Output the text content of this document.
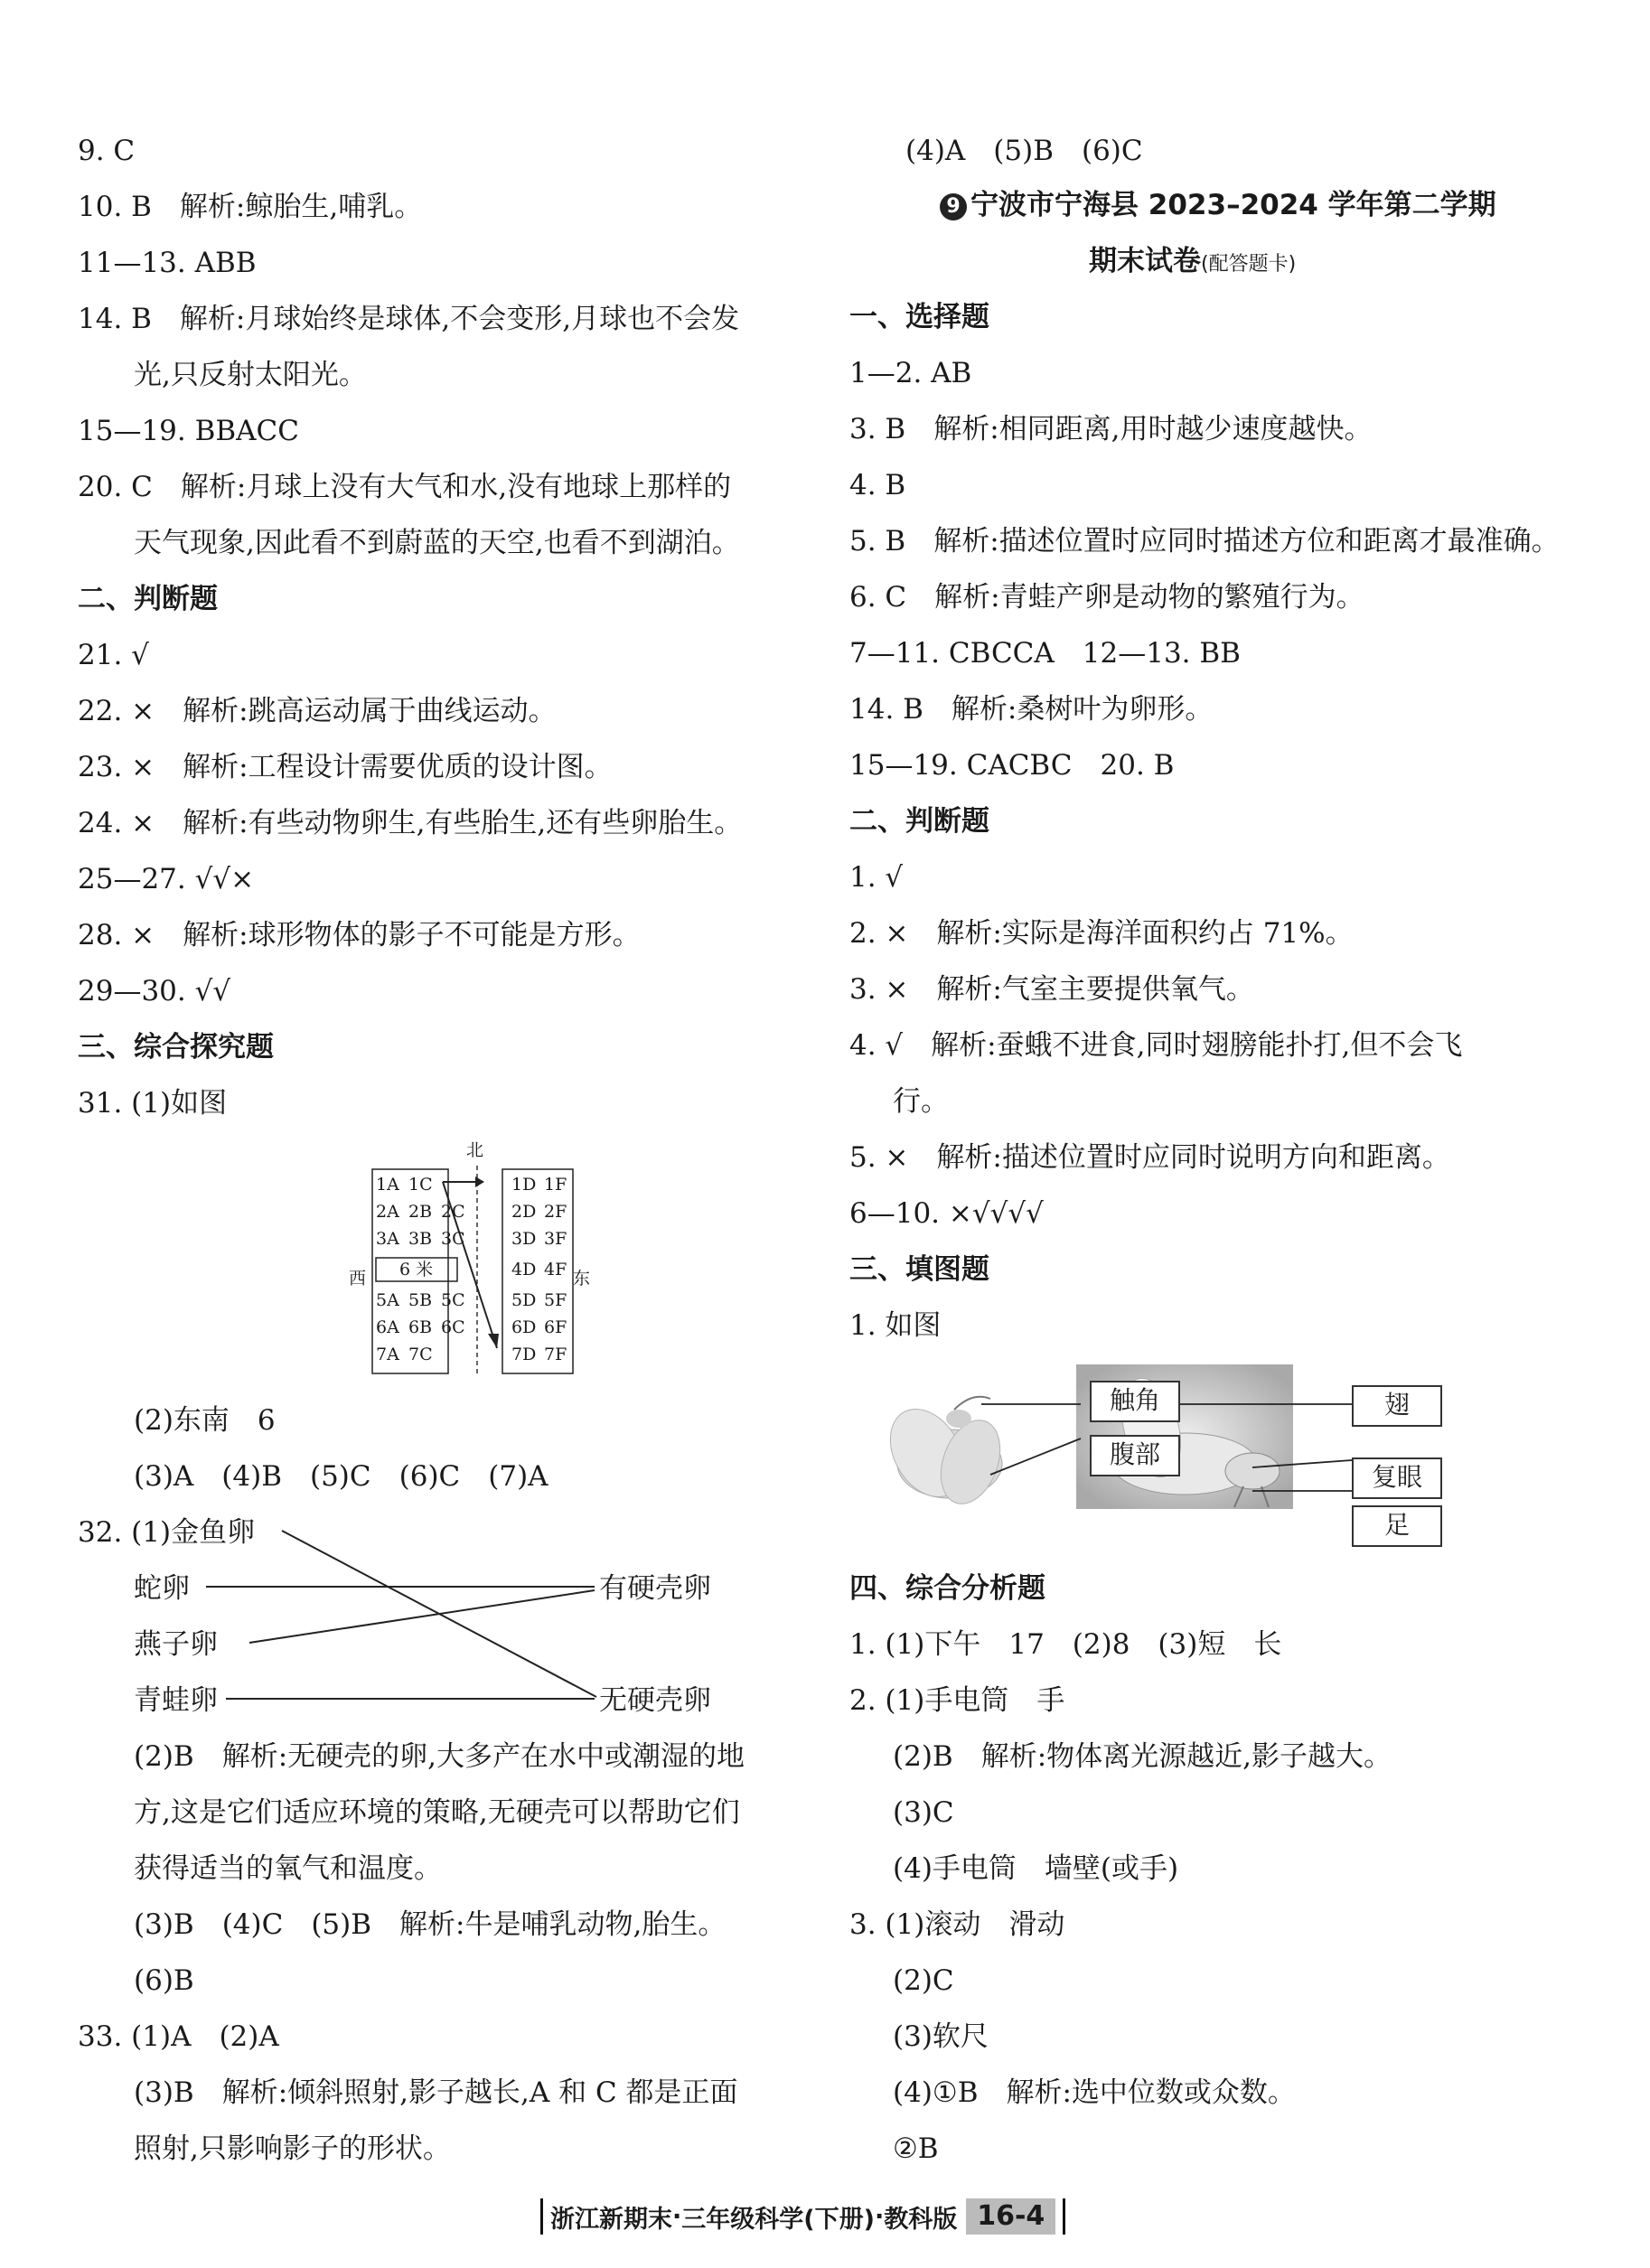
9. C
10. B　解析:鲸胎生,哺乳。
11—13. ABB
14. B　解析:月球始终是球体,不会变形,月球也不会发
光,只反射太阳光。
15—19. BBACC
20. C　解析:月球上没有大气和水,没有地球上那样的
天气现象,因此看不到蔚蓝的天空,也看不到湖泊。
二、判断题
21. √
22. ×　解析:跳高运动属于曲线运动。
23. ×　解析:工程设计需要优质的设计图。
24. ×　解析:有些动物卵生,有些胎生,还有些卵胎生。
25—27. √√×
28. ×　解析:球形物体的影子不可能是方形。
29—30. √√
三、综合探究题
31. (1)如图
北
西	东
1A 1C	1D 1F
2A 2B 2C	2D 2F
3A 3B 3C	3D 3F
6 米	4D 4F
5A 5B 5C	5D 5F
6A 6B 6C	6D 6F
7A 7C	7D 7F
(2)东南　6
(3)A　(4)B　(5)C　(6)C　(7)A
32. (1)金鱼卵
蛇卵
燕子卵
青蛙卵
有硬壳卵
无硬壳卵
(2)B　解析:无硬壳的卵,大多产在水中或潮湿的地
方,这是它们适应环境的策略,无硬壳可以帮助它们
获得适当的氧气和温度。
(3)B　(4)C　(5)B　解析:牛是哺乳动物,胎生。
(6)B
33. (1)A　(2)A
(3)B　解析:倾斜照射,影子越长,A 和 C 都是正面
照射,只影响影子的形状。
(4)A　(5)B　(6)C
9 宁波市宁海县 2023–2024 学年第二学期
期末试卷(配答题卡)
一、选择题
1—2. AB
3. B　解析:相同距离,用时越少速度越快。
4. B
5. B　解析:描述位置时应同时描述方位和距离才最准确。
6. C　解析:青蛙产卵是动物的繁殖行为。
7—11. CBCCA　12—13. BB
14. B　解析:桑树叶为卵形。
15—19. CACBC　20. B
二、判断题
1. √
2. ×　解析:实际是海洋面积约占 71%。
3. ×　解析:气室主要提供氧气。
4. √　解析:蚕蛾不进食,同时翅膀能扑打,但不会飞
行。
5. ×　解析:描述位置时应同时说明方向和距离。
6—10. ×√√√√
三、填图题
1. 如图
触角
腹部
翅
复眼
足
四、综合分析题
1. (1)下午　17　(2)8　(3)短　长
2. (1)手电筒　手
(2)B　解析:物体离光源越近,影子越大。
(3)C
(4)手电筒　墙壁(或手)
3. (1)滚动　滑动
(2)C
(3)软尺
(4)①B　解析:选中位数或众数。
②B
浙江新期末 · 三年级科学(下册) · 教科版 16-4
